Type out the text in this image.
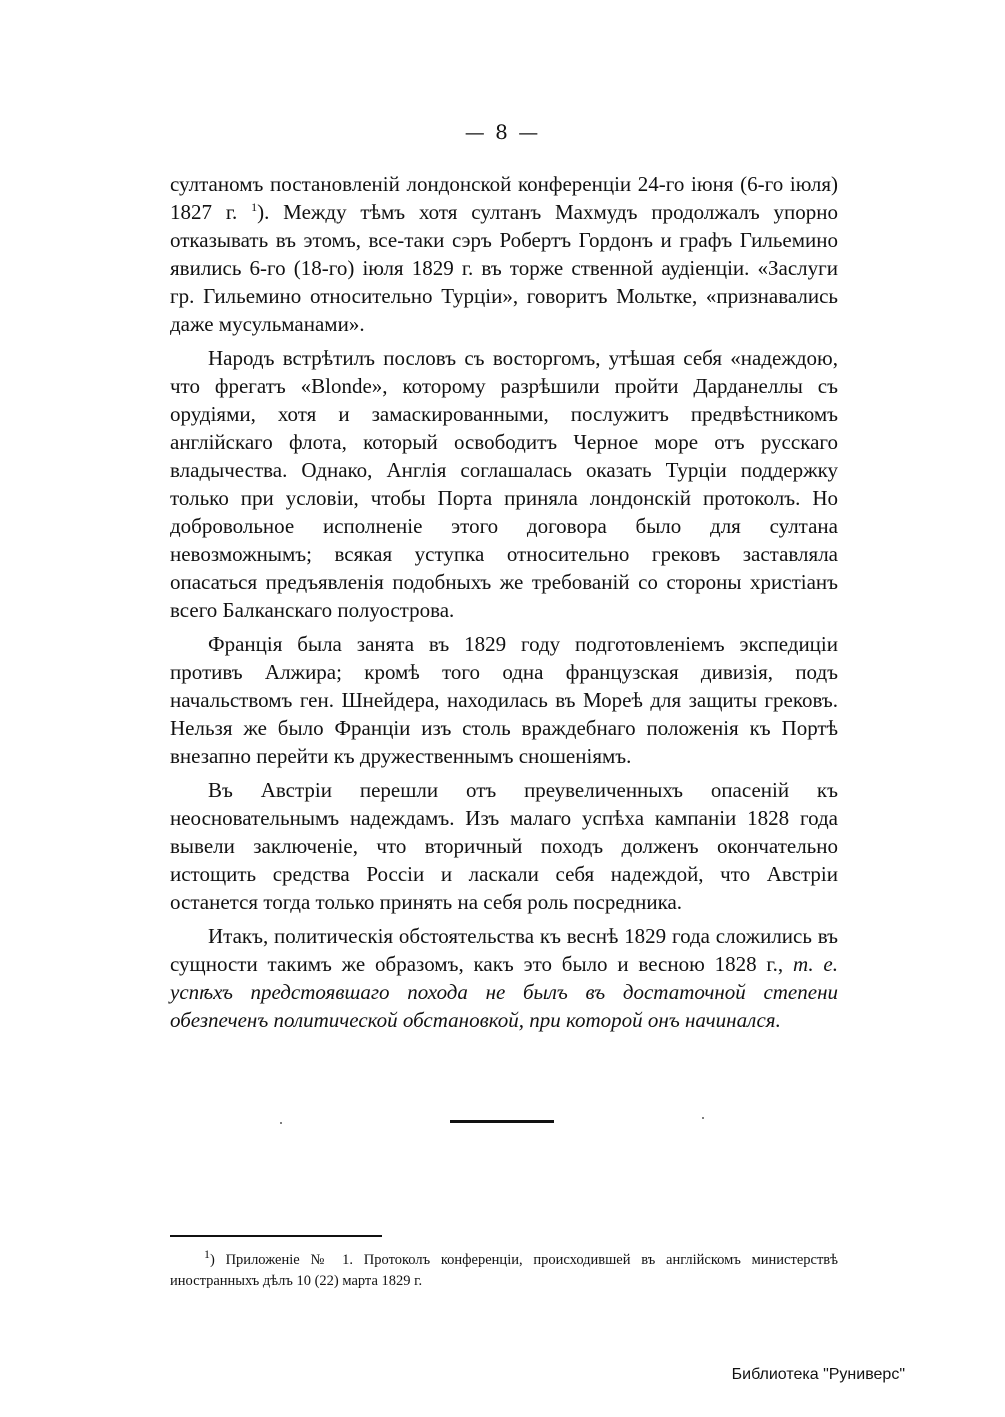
— 8 —

султаномъ постановленій лондонской конференціи 24-го іюня (6-го іюля) 1827 г. $^1$). Между тѣмъ хотя султанъ Махмудъ продолжалъ упорно отказывать въ этомъ, все-таки сэръ Робертъ Гордонъ и графъ Гильемино явились 6-го (18-го) іюля 1829 г. въ торже ственной аудіенціи. «Заслуги гр. Гильемино относительно Турціи», говоритъ Мольтке, «признавались даже мусульманами».

Народъ встрѣтилъ пословъ съ восторгомъ, утѣшая себя «надеждою, что фрегатъ «Blonde», которому разрѣшили пройти Дарданеллы съ орудіями, хотя и замаскированными, послужитъ предвѣстникомъ англійскаго флота, который освободитъ Черное море отъ русскаго владычества. Однако, Англія соглашалась оказать Турціи поддержку только при условіи, чтобы Порта приняла лондонскій протоколъ. Но добровольное исполненіе этого договора было для султана невозможнымъ; всякая уступка относительно грековъ заставляла опасаться предъявленія подобныхъ же требованій со стороны христіанъ всего Балканскаго полуострова.

Франція была занята въ 1829 году подготовленіемъ экспедиціи противъ Алжира; кромѣ того одна французская дивизія, подъ начальствомъ ген. Шнейдера, находилась въ Мореѣ для защиты грековъ. Нельзя же было Франціи изъ столь враждебнаго положенія къ Портѣ внезапно перейти къ дружественнымъ сношеніямъ.

Въ Австріи перешли отъ преувеличенныхъ опасеній къ неосновательнымъ надеждамъ. Изъ малаго успѣха кампаніи 1828 года вывели заключеніе, что вторичный походъ долженъ окончательно истощить средства Россіи и ласкали себя надеждой, что Австріи останется тогда только принять на себя роль посредника.

Итакъ, политическія обстоятельства къ веснѣ 1829 года сложились въ сущности такимъ же образомъ, какъ это было и весною 1828 г., т. е. успѣхъ предстоявшаго похода не былъ въ достаточной степени обезпеченъ политической обстановкой, при которой онъ начинался.

$^1$) Приложеніе № 1. Протоколъ конференціи, происходившей въ англійскомъ министерствѣ иностранныхъ дѣлъ 10 (22) марта 1829 г.
Библиотека "Руниверс"
